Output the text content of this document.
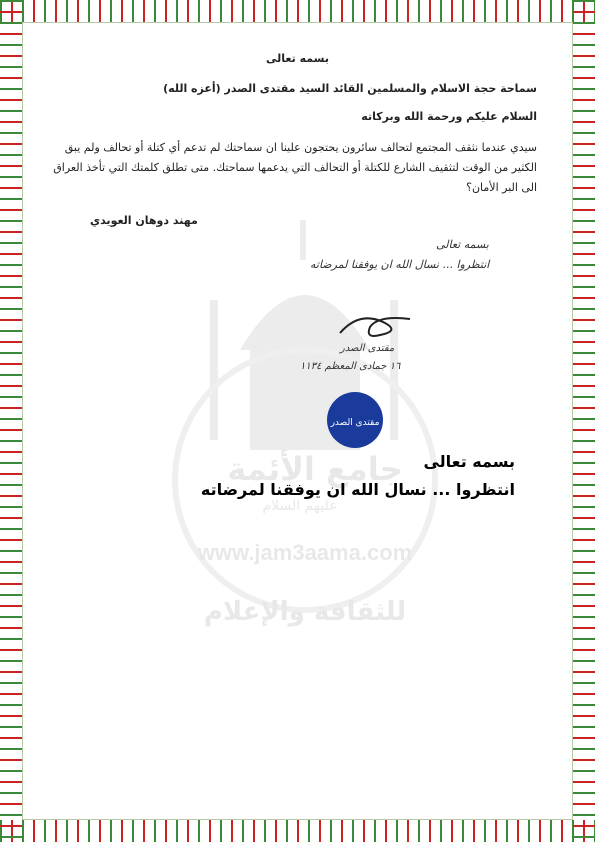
www.jam3aama.com
جامع الأئمة
عليهم السلام
للثقافة والإعلام
بسمه تعالى
سماحة حجة الاسلام والمسلمين القائد السيد مقتدى الصدر (أعزه الله)
السلام عليكم ورحمة الله وبركاته
سيدي عندما نثقف المجتمع لتحالف سائرون يحتجون علينا ان سماحتك لم تدعم أي كتلة أو تحالف ولم يبق الكثير من الوقت لتثقيف الشارع للكتلة أو التحالف التي يدعمها سماحتك. متى تطلق كلمتك التي تأخذ العراق الى البر الأمان؟
مهند دوهان العويدي
بسمه تعالى
انتظروا ... نسال الله ان يوفقنا لمرضاته
مقتدى الصدر
١٦ جمادى المعظم ١١٣٤
مقتدى الصدر
بسمه تعالى
انتظروا ... نسال الله ان يوفقنا لمرضاته
